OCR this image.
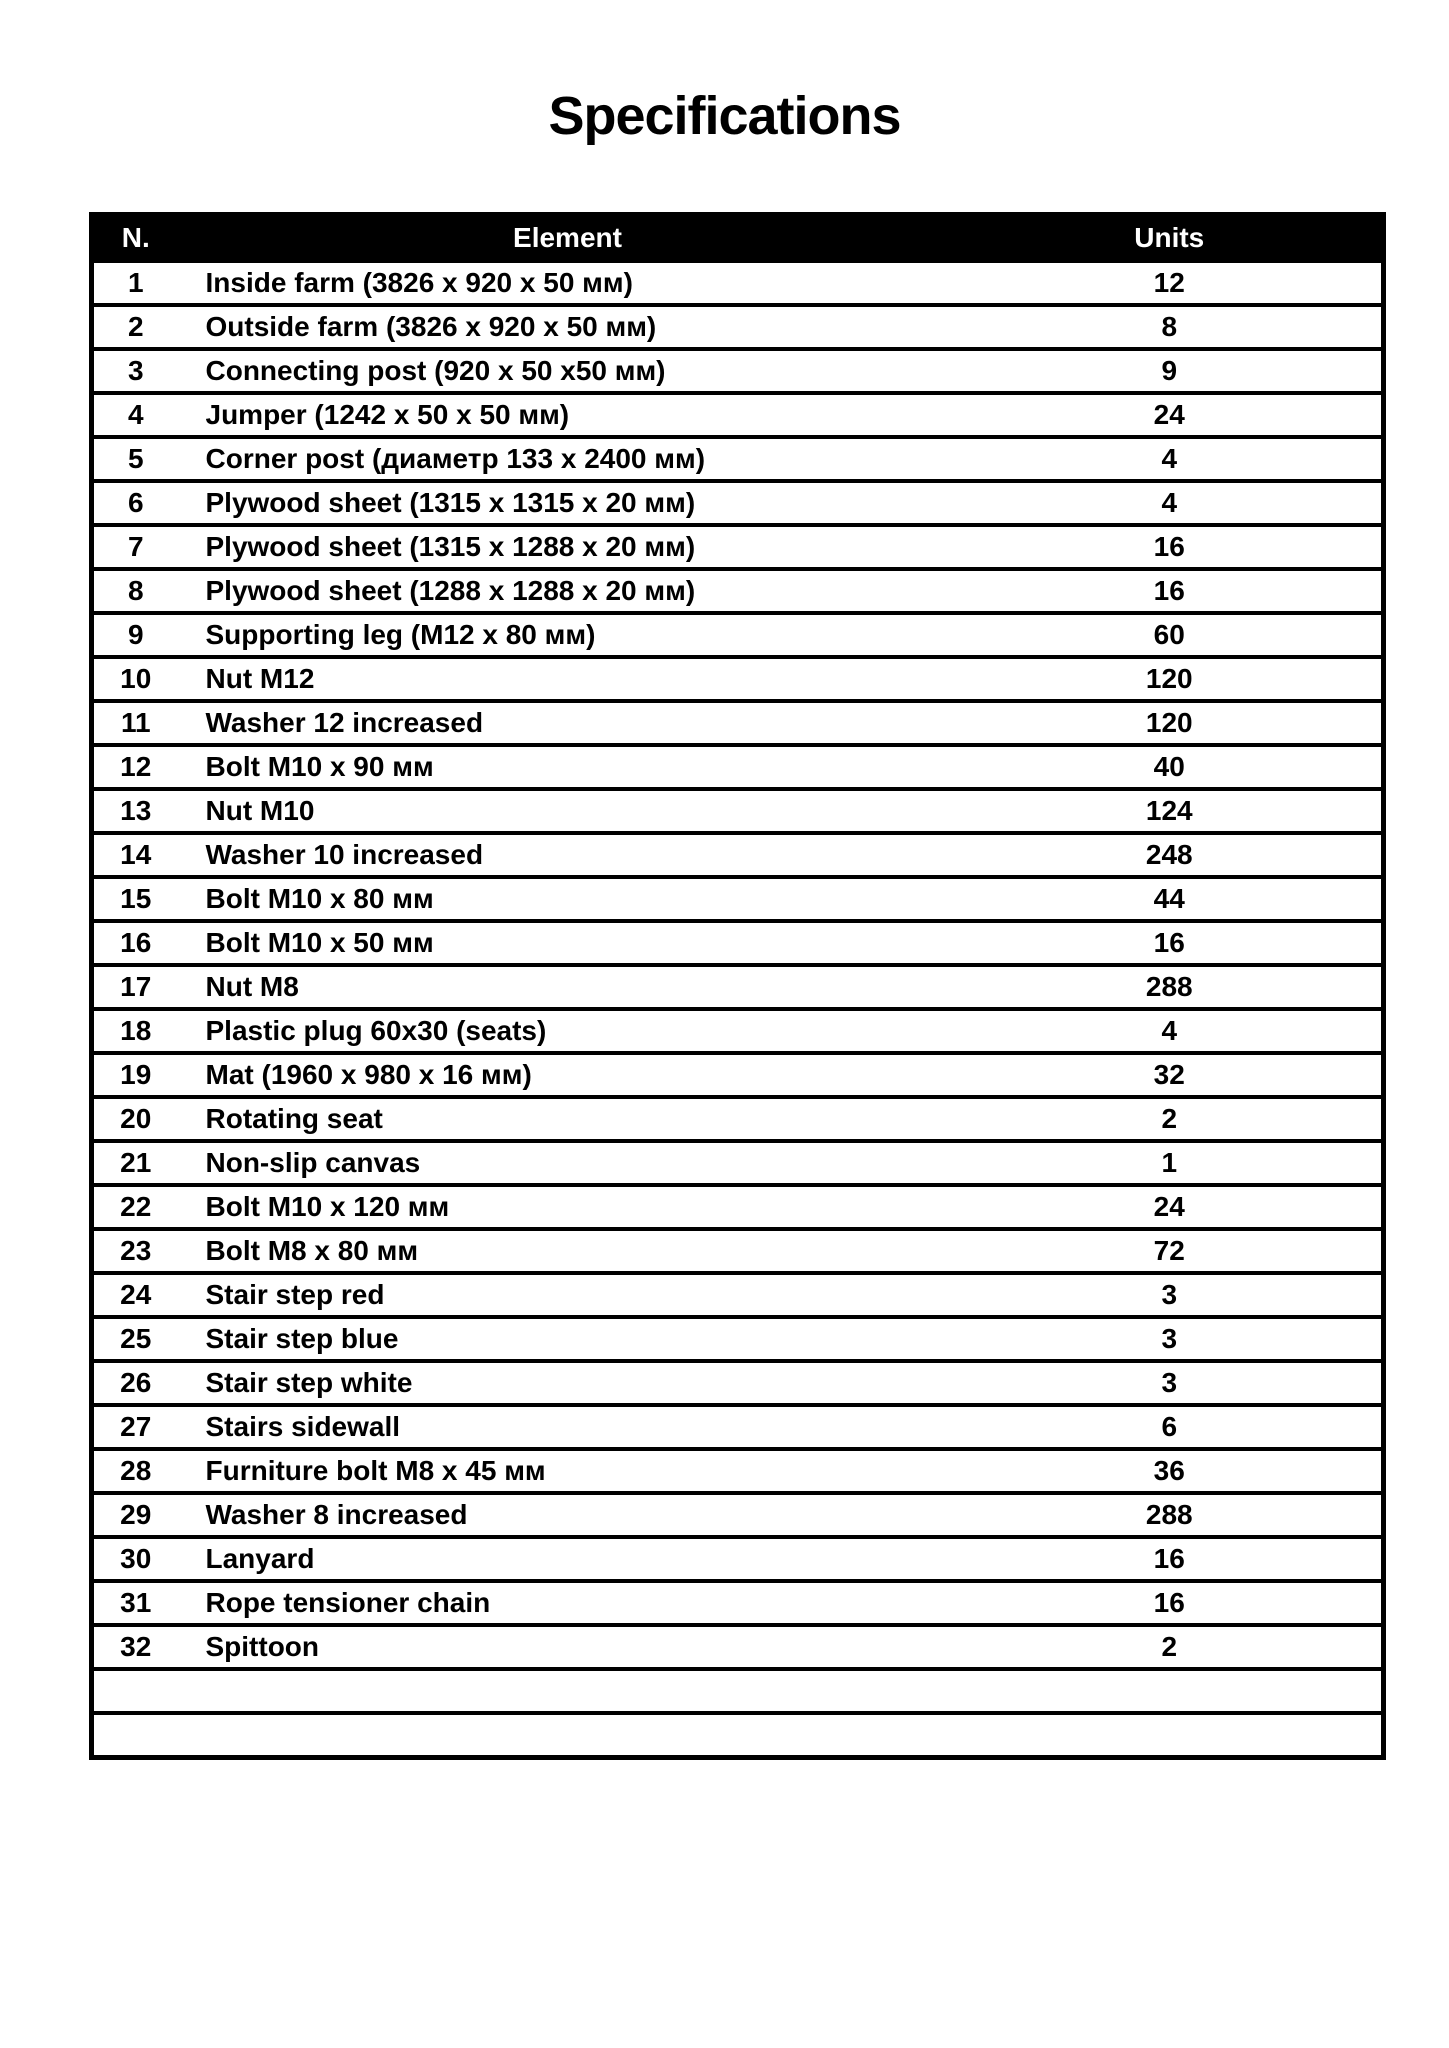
Specifications
N.	Element	Units
1	Inside farm (3826 x 920 x 50 мм)	12
2	Outside farm (3826 x 920 x 50 мм)	8
3	Connecting post (920 x 50 x50 мм)	9
4	Jumper (1242 x 50 x 50 мм)	24
5	Corner post (диаметр 133 x 2400 мм)	4
6	Plywood sheet (1315 x 1315 x 20 мм)	4
7	Plywood sheet (1315 x 1288 x 20 мм)	16
8	Plywood sheet (1288 x 1288 x 20 мм)	16
9	Supporting leg (M12 x 80 мм)	60
10	Nut M12	120
11	Washer 12 increased	120
12	Bolt M10 x 90 мм	40
13	Nut M10	124
14	Washer 10 increased	248
15	Bolt M10 x 80 мм	44
16	Bolt M10 x 50 мм	16
17	Nut M8	288
18	Plastic plug 60x30 (seats)	4
19	Mat (1960 x 980 x 16 мм)	32
20	Rotating seat	2
21	Non-slip canvas	1
22	Bolt M10 x 120 мм	24
23	Bolt M8 x 80 мм	72
24	Stair step red	3
25	Stair step blue	3
26	Stair step white	3
27	Stairs sidewall	6
28	Furniture bolt M8 x 45 мм	36
29	Washer 8 increased	288
30	Lanyard	16
31	Rope tensioner chain	16
32	Spittoon	2
